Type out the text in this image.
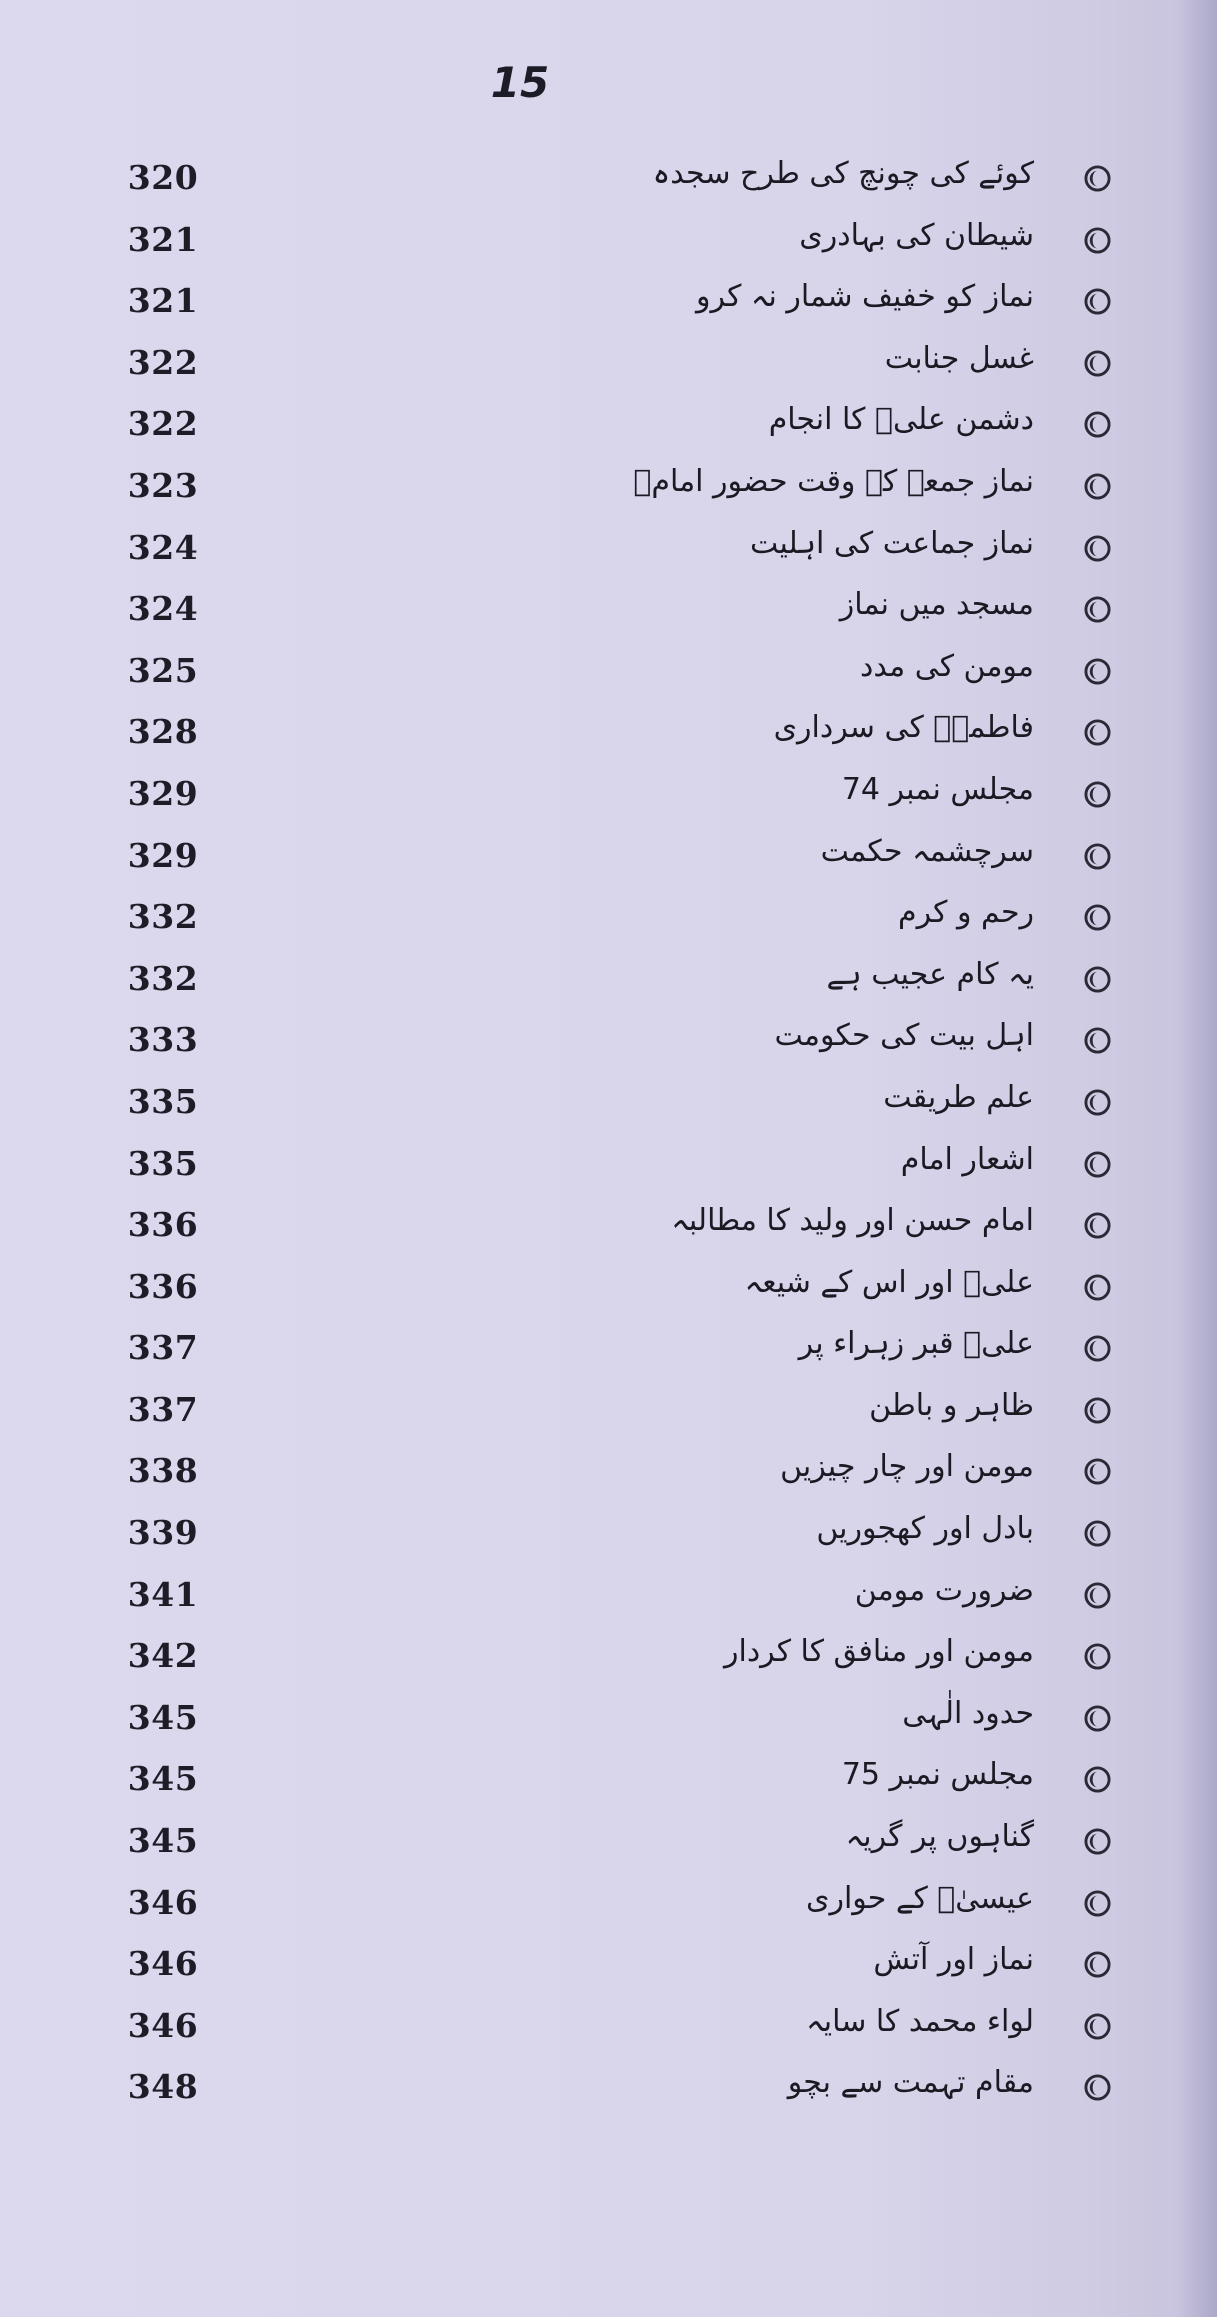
15
320	کوئے کی چونچ کی طرح سجدہ
321	شیطان کی بہادری
321	نماز کو خفیف شمار نہ کرو
322	غسل جنابت
322	دشمن علیؑ کا انجام
323	نماز جمعہ کے وقت حضور امامؑ
324	نماز جماعت کی اہلیت
324	مسجد میں نماز
325	مومن کی مدد
328	فاطمہؑ کی سرداری
329	مجلس نمبر 74
329	سرچشمہ حکمت
332	رحم و کرم
332	یہ کام عجیب ہے
333	اہل بیت کی حکومت
335	علم طریقت
335	اشعار امام
336	امام حسن اور ولید کا مطالبہ
336	علیؑ اور اس کے شیعہ
337	علیؑ قبر زہراء پر
337	ظاہر و باطن
338	مومن اور چار چیزیں
339	بادل اور کھجوریں
341	ضرورت مومن
342	مومن اور منافق کا کردار
345	حدود الٰہی
345	مجلس نمبر 75
345	گناہوں پر گریہ
346	عیسیٰؑ کے حواری
346	نماز اور آتش
346	لواء محمد کا سایہ
348	مقام تہمت سے بچو
